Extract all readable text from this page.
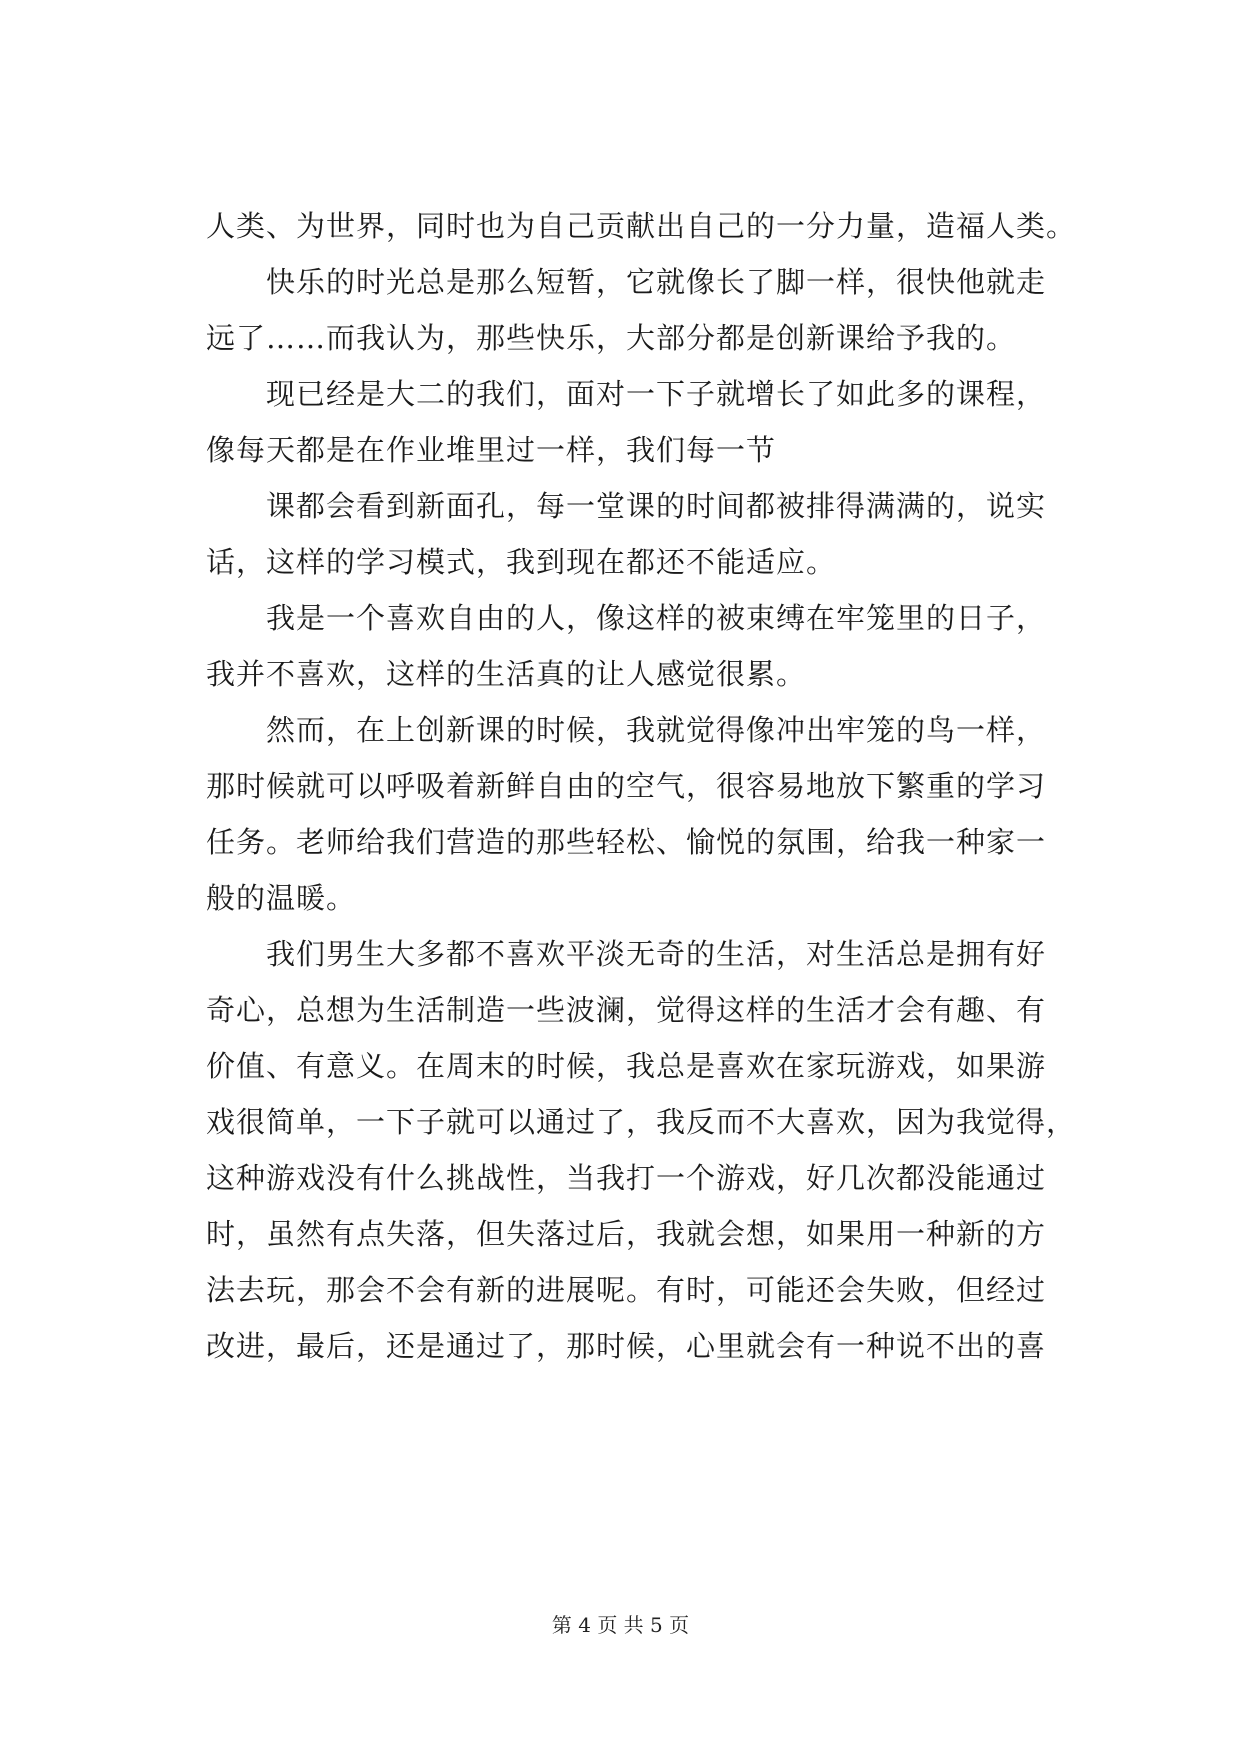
人类、为世界，同时也为自己贡献出自己的一分力量，造福人类。
快乐的时光总是那么短暂，它就像长了脚一样，很快他就走
远了……而我认为，那些快乐，大部分都是创新课给予我的。
现已经是大二的我们，面对一下子就增长了如此多的课程，
像每天都是在作业堆里过一样，我们每一节
课都会看到新面孔，每一堂课的时间都被排得满满的，说实
话，这样的学习模式，我到现在都还不能适应。
我是一个喜欢自由的人，像这样的被束缚在牢笼里的日子，
我并不喜欢，这样的生活真的让人感觉很累。
然而，在上创新课的时候，我就觉得像冲出牢笼的鸟一样，
那时候就可以呼吸着新鲜自由的空气，很容易地放下繁重的学习
任务。老师给我们营造的那些轻松、愉悦的氛围，给我一种家一
般的温暖。
我们男生大多都不喜欢平淡无奇的生活，对生活总是拥有好
奇心，总想为生活制造一些波澜，觉得这样的生活才会有趣、有
价值、有意义。在周末的时候，我总是喜欢在家玩游戏，如果游
戏很简单，一下子就可以通过了，我反而不大喜欢，因为我觉得，
这种游戏没有什么挑战性，当我打一个游戏，好几次都没能通过
时，虽然有点失落，但失落过后，我就会想，如果用一种新的方
法去玩，那会不会有新的进展呢。有时，可能还会失败，但经过
改进，最后，还是通过了，那时候，心里就会有一种说不出的喜
第 4 页 共 5 页
